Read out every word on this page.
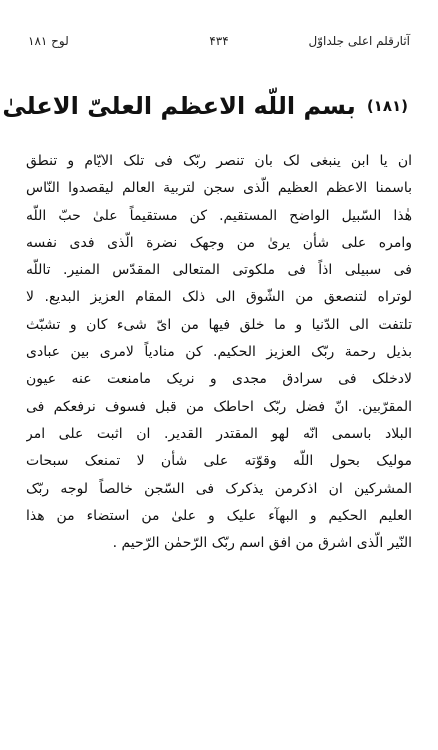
آثارقلم اعلی جلداوّل
۴۳۴
لوح ۱۸۱
(۱۸۱) بسم اللّه الاعظم العلیّ الاعلیٰ
ان یا ابن ینبغی لک بان تنصر ربّک فی تلک الایّام و تنطق
باسمنا الاعظم العظیم الّذی سجن لتربیة العالم لیقصدوا النّاس
هٰذا السّبیل الواضح المستقیم. کن مستقیماً علیٰ حبّ اللّه
وامره علی شأن یریٰ من وجهک نضرة الّذی فدی نفسه
فی سبیلی اذاً فی ملکوتی المتعالی المقدّس المنیر. تاللّه
لوتراه لتنصعق من الشّوق الی ذلک المقام العزیز البدیع. لا
تلتفت الی الدّنیا و ما خلق فیها من ایّ شیء کان و تشبّث
بذیل رحمة ربّک العزیز الحکیم. کن منادیاً لامری بین عبادی
لادخلک فی سرادق مجدی و نریک مامنعت عنه عیون
المقرّبین. انّ فضل ربّک احاطک من قبل فسوف نرفعکم فی
البلاد باسمی انّه لهو المقتدر القدیر. ان اثبت علی امر
مولیک بحول اللّه وقوّته علی شأن لا تمنعک سبحات
المشرکین ان اذکرمن یذکرک فی السّجن خالصاً لوجه ربّک
العلیم الحکیم و البهآء علیک و علیٰ من استضاء من هذا
النّیر الّذی اشرق من افق اسم ربّک الرّحمٰن الرّحیم .
